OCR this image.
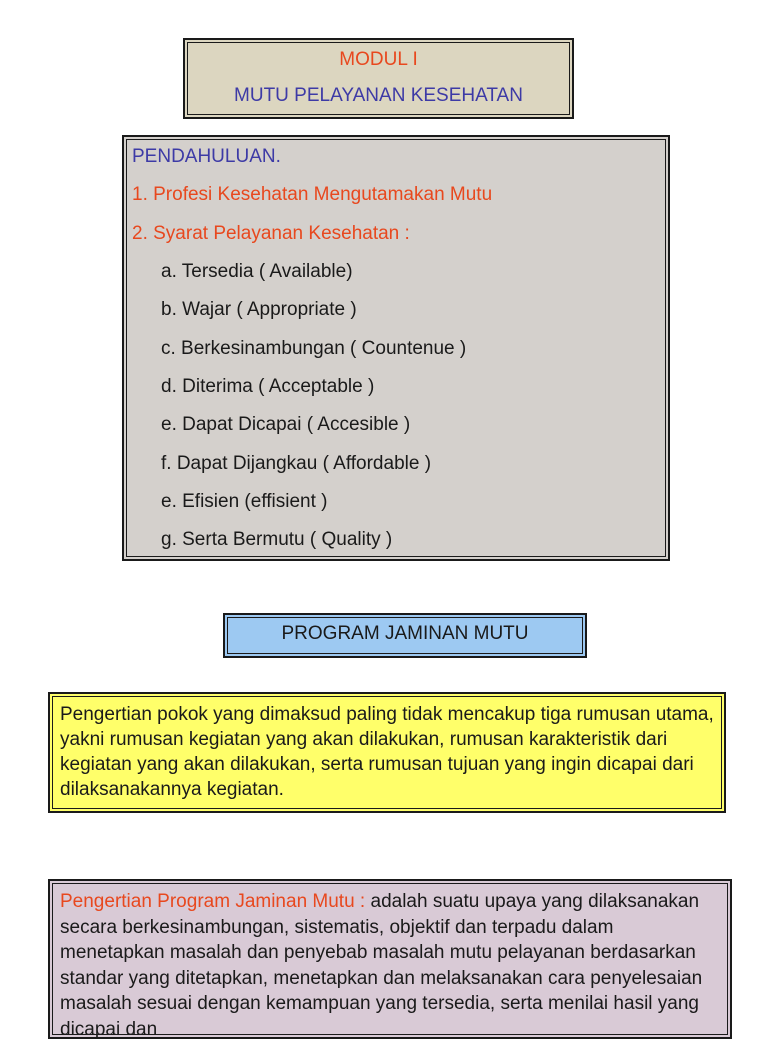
MODUL I
MUTU PELAYANAN KESEHATAN
PENDAHULUAN.
1. Profesi Kesehatan Mengutamakan Mutu
2. Syarat Pelayanan Kesehatan :
a. Tersedia ( Available)
b. Wajar ( Appropriate )
c. Berkesinambungan ( Countenue )
d. Diterima ( Acceptable )
e. Dapat Dicapai ( Accesible )
f. Dapat Dijangkau ( Affordable )
e. Efisien (effisient )
g. Serta Bermutu ( Quality )
PROGRAM JAMINAN MUTU
Pengertian pokok yang dimaksud paling tidak mencakup tiga rumusan utama, yakni rumusan kegiatan yang akan dilakukan, rumusan karakteristik dari kegiatan yang akan dilakukan, serta rumusan tujuan yang ingin dicapai dari dilaksanakannya kegiatan.
Pengertian Program Jaminan Mutu : adalah suatu upaya yang dilaksanakan secara berkesinambungan, sistematis, objektif dan terpadu dalam menetapkan masalah dan penyebab masalah mutu pelayanan berdasarkan standar yang ditetapkan, menetapkan dan melaksanakan cara penyelesaian masalah sesuai dengan kemampuan yang tersedia, serta menilai hasil yang dicapai dan
